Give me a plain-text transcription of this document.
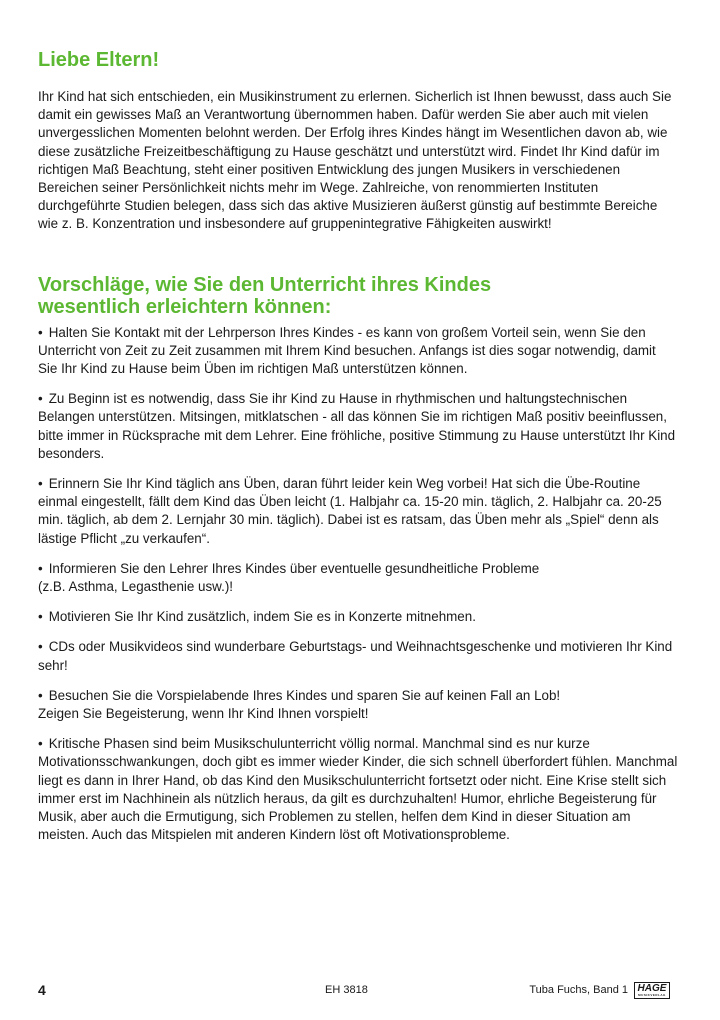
Liebe Eltern!

Ihr Kind hat sich entschieden, ein Musikinstrument zu erlernen. Sicherlich ist Ihnen bewusst, dass auch Sie damit ein gewisses Maß an Verantwortung übernommen haben. Dafür werden Sie aber auch mit vielen unvergesslichen Momenten belohnt werden. Der Erfolg ihres Kindes hängt im Wesentlichen davon ab, wie diese zusätzliche Freizeitbeschäftigung zu Hause geschätzt und unterstützt wird. Findet Ihr Kind dafür im richtigen Maß Beachtung, steht einer positiven Entwicklung des jungen Musikers in verschiedenen Bereichen seiner Persönlichkeit nichts mehr im Wege. Zahlreiche, von renommierten Instituten durchgeführte Studien belegen, dass sich das aktive Musizieren äußerst günstig auf bestimmte Bereiche wie z. B. Konzentration und insbesondere auf gruppenintegrative Fähigkeiten auswirkt!

Vorschläge, wie Sie den Unterricht ihres Kindes
wesentlich erleichtern können:
• Halten Sie Kontakt mit der Lehrperson Ihres Kindes - es kann von großem Vorteil sein, wenn Sie den Unterricht von Zeit zu Zeit zusammen mit Ihrem Kind besuchen. Anfangs ist dies sogar notwendig, damit Sie Ihr Kind zu Hause beim Üben im richtigen Maß unterstützen können.
• Zu Beginn ist es notwendig, dass Sie ihr Kind zu Hause in rhythmischen und haltungstechnischen Belangen unterstützen. Mitsingen, mitklatschen - all das können Sie im richtigen Maß positiv beeinflussen, bitte immer in Rücksprache mit dem Lehrer. Eine fröhliche, positive Stimmung zu Hause unterstützt Ihr Kind besonders.
• Erinnern Sie Ihr Kind täglich ans Üben, daran führt leider kein Weg vorbei! Hat sich die Übe-Routine einmal eingestellt, fällt dem Kind das Üben leicht (1. Halbjahr ca. 15-20 min. täglich, 2. Halbjahr ca. 20-25 min. täglich, ab dem 2. Lernjahr 30 min. täglich). Dabei ist es ratsam, das Üben mehr als „Spiel“ denn als lästige Pflicht „zu verkaufen“.
• Informieren Sie den Lehrer Ihres Kindes über eventuelle gesundheitliche Probleme
(z.B. Asthma, Legasthenie usw.)!
• Motivieren Sie Ihr Kind zusätzlich, indem Sie es in Konzerte mitnehmen.
• CDs oder Musikvideos sind wunderbare Geburtstags- und Weihnachtsgeschenke und motivieren Ihr Kind sehr!
• Besuchen Sie die Vorspielabende Ihres Kindes und sparen Sie auf keinen Fall an Lob!
Zeigen Sie Begeisterung, wenn Ihr Kind Ihnen vorspielt!
• Kritische Phasen sind beim Musikschulunterricht völlig normal. Manchmal sind es nur kurze Motivationsschwankungen, doch gibt es immer wieder Kinder, die sich schnell überfordert fühlen. Manchmal liegt es dann in Ihrer Hand, ob das Kind den Musikschulunterricht fortsetzt oder nicht. Eine Krise stellt sich immer erst im Nachhinein als nützlich heraus, da gilt es durchzuhalten! Humor, ehrliche Begeisterung für Musik, aber auch die Ermutigung, sich Problemen zu stellen, helfen dem Kind in dieser Situation am meisten. Auch das Mitspielen mit anderen Kindern löst oft Motivationsprobleme.
4	EH 3818	Tuba Fuchs, Band 1 HAGE
MUSIKVERLAG
